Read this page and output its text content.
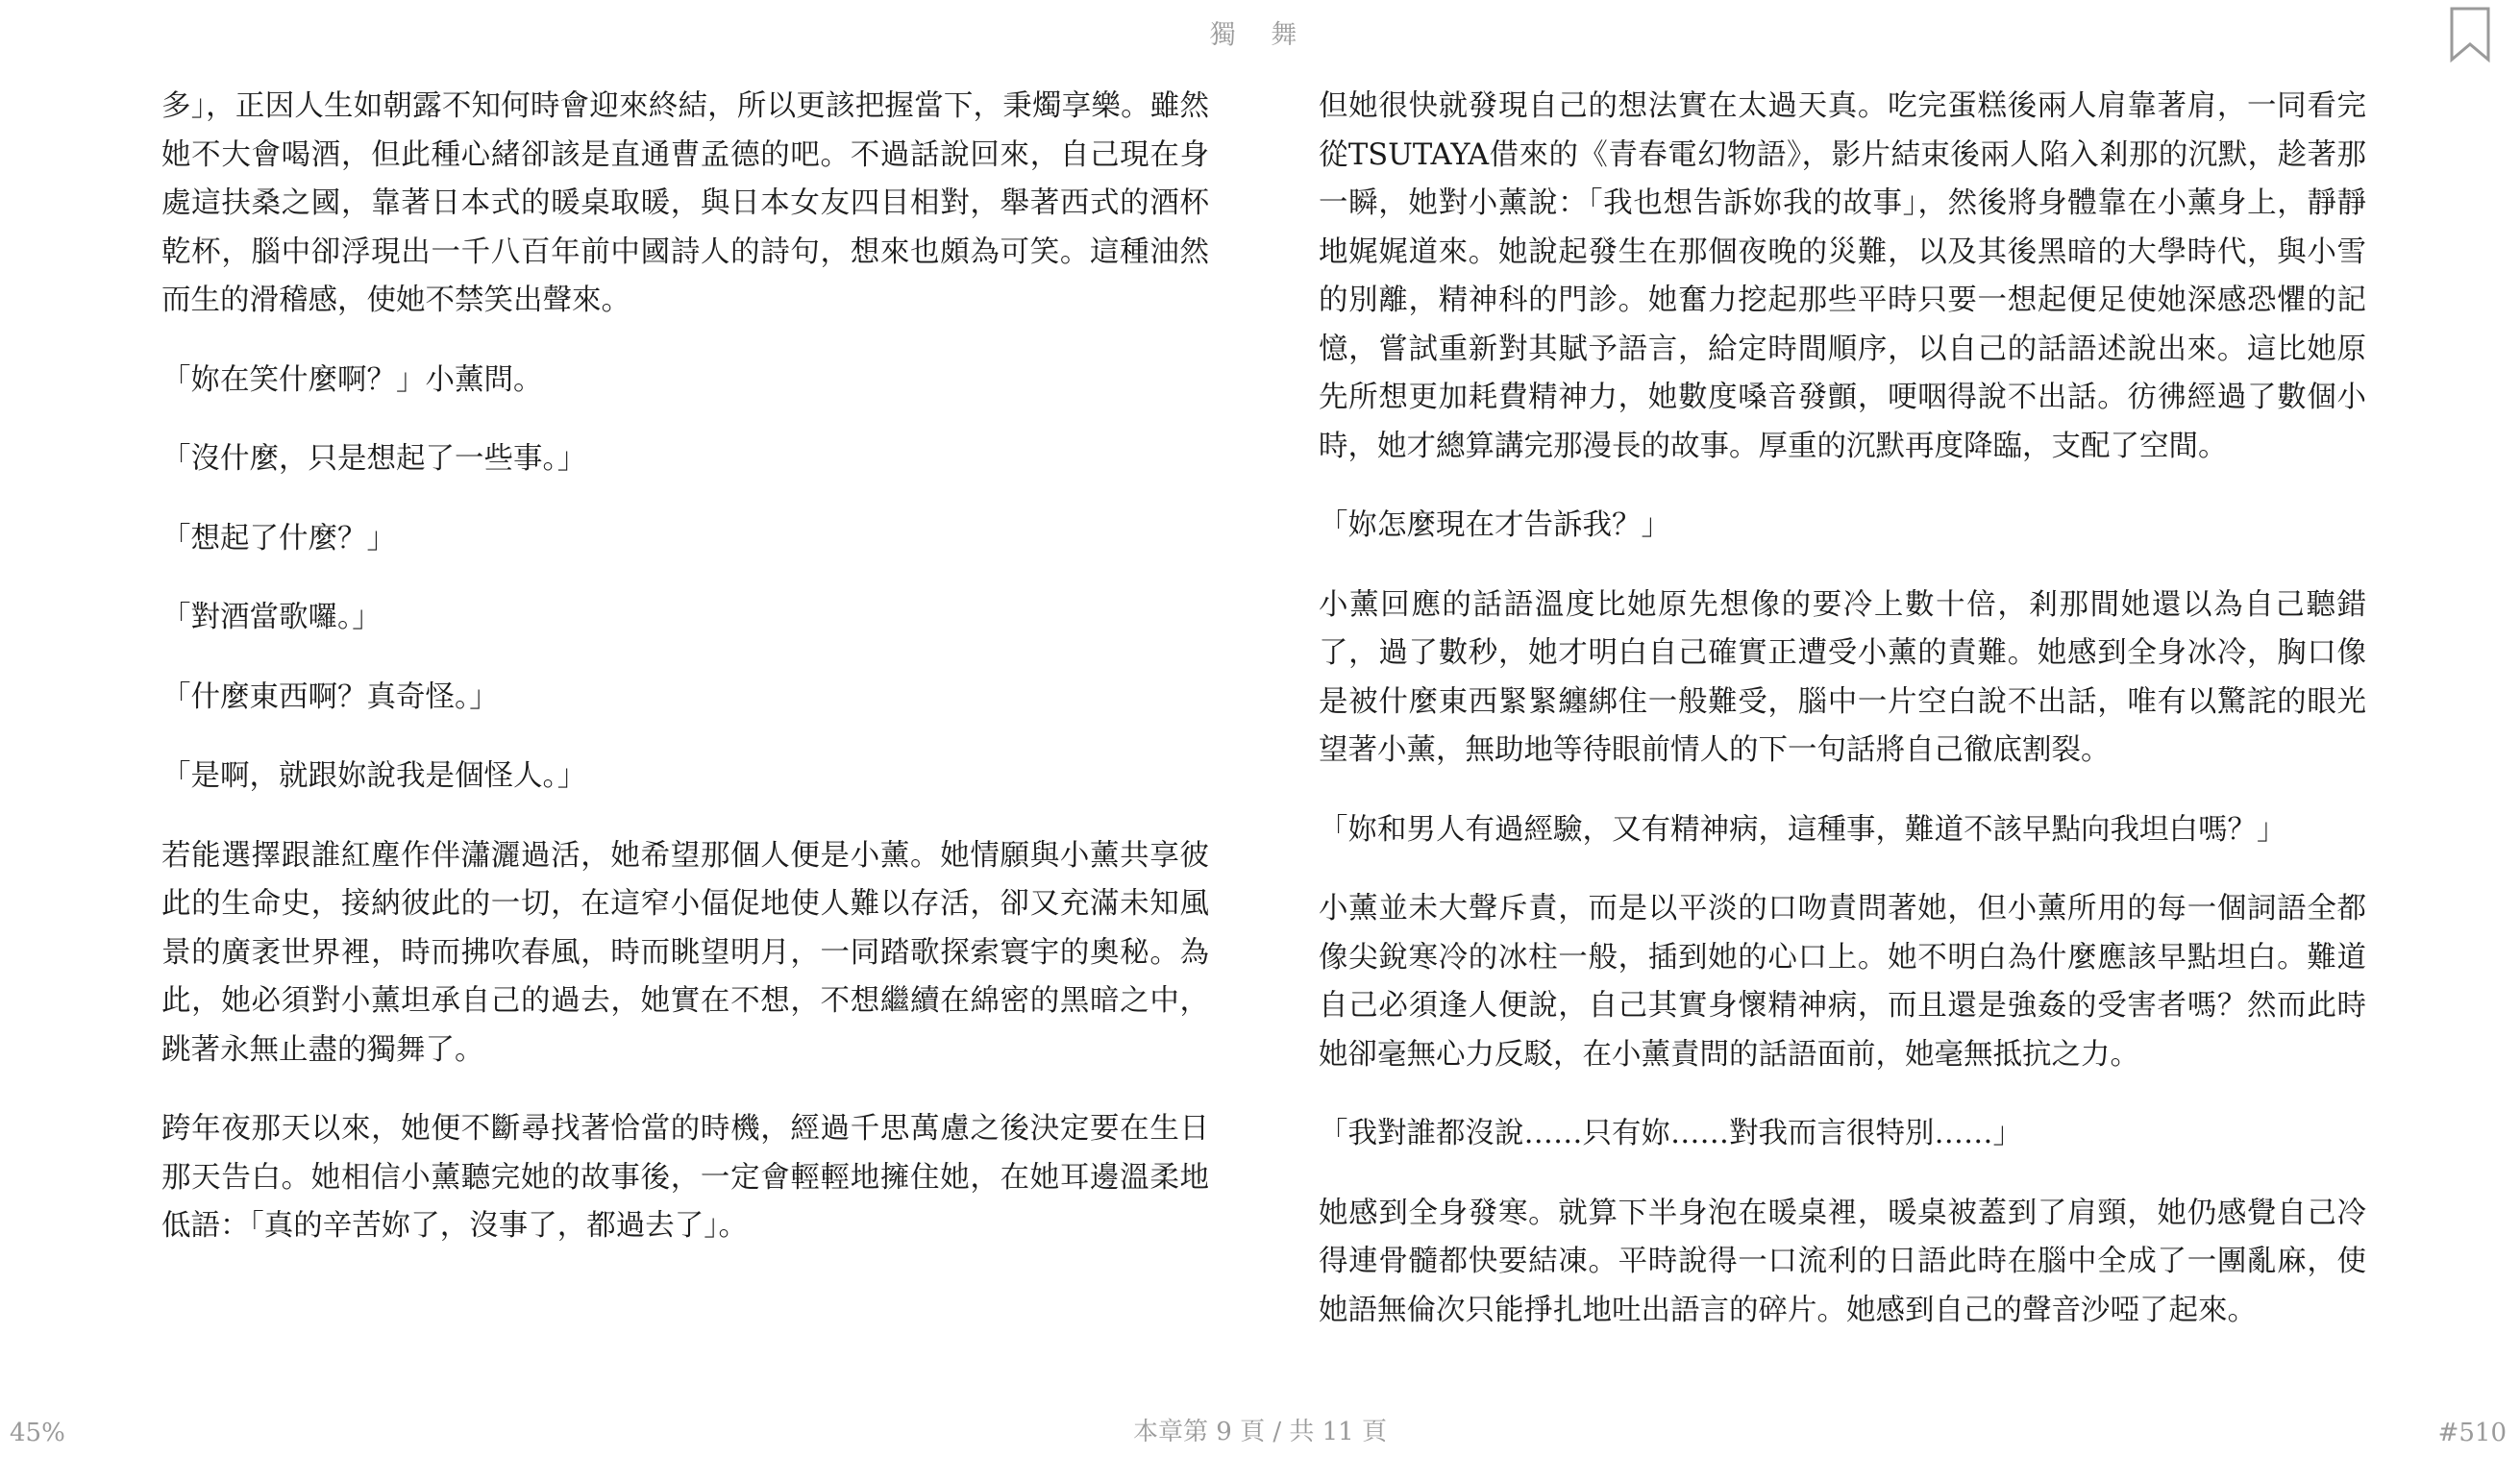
獨 舞

多」，正因人生如朝露不知何時會迎來終結，所以更該把握當下，秉燭享樂。雖然她不大會喝酒，但此種心緒卻該是直通曹孟德的吧。不過話說回來，自己現在身處這扶桑之國，靠著日本式的暖桌取暖，與日本女友四目相對，舉著西式的酒杯乾杯，腦中卻浮現出一千八百年前中國詩人的詩句，想來也頗為可笑。這種油然而生的滑稽感，使她不禁笑出聲來。

「妳在笑什麼啊？」小薰問。

「沒什麼，只是想起了一些事。」

「想起了什麼？」

「對酒當歌囉。」

「什麼東西啊？真奇怪。」

「是啊，就跟妳說我是個怪人。」

若能選擇跟誰紅塵作伴瀟灑過活，她希望那個人便是小薰。她情願與小薰共享彼此的生命史，接納彼此的一切，在這窄小偪促地使人難以存活，卻又充滿未知風景的廣袤世界裡，時而拂吹春風，時而眺望明月，一同踏歌探索寰宇的奧秘。為此，她必須對小薰坦承自己的過去，她實在不想，不想繼續在綿密的黑暗之中，跳著永無止盡的獨舞了。

跨年夜那天以來，她便不斷尋找著恰當的時機，經過千思萬慮之後決定要在生日那天告白。她相信小薰聽完她的故事後，一定會輕輕地擁住她，在她耳邊溫柔地低語：「真的辛苦妳了，沒事了，都過去了」。

但她很快就發現自己的想法實在太過天真。吃完蛋糕後兩人肩靠著肩，一同看完從TSUTAYA借來的《青春電幻物語》，影片結束後兩人陷入剎那的沉默，趁著那一瞬，她對小薰說：「我也想告訴妳我的故事」，然後將身體靠在小薰身上，靜靜地娓娓道來。她說起發生在那個夜晚的災難，以及其後黑暗的大學時代，與小雪的別離，精神科的門診。她奮力挖起那些平時只要一想起便足使她深感恐懼的記憶，嘗試重新對其賦予語言，給定時間順序，以自己的話語述說出來。這比她原先所想更加耗費精神力，她數度嗓音發顫，哽咽得說不出話。彷彿經過了數個小時，她才總算講完那漫長的故事。厚重的沉默再度降臨，支配了空間。

「妳怎麼現在才告訴我？」

小薰回應的話語溫度比她原先想像的要冷上數十倍，剎那間她還以為自己聽錯了，過了數秒，她才明白自己確實正遭受小薰的責難。她感到全身冰冷，胸口像是被什麼東西緊緊纏綁住一般難受，腦中一片空白說不出話，唯有以驚詫的眼光望著小薰，無助地等待眼前情人的下一句話將自己徹底割裂。

「妳和男人有過經驗，又有精神病，這種事，難道不該早點向我坦白嗎？」

小薰並未大聲斥責，而是以平淡的口吻責問著她，但小薰所用的每一個詞語全都像尖銳寒冷的冰柱一般，插到她的心口上。她不明白為什麼應該早點坦白。難道自己必須逢人便說，自己其實身懷精神病，而且還是強姦的受害者嗎？然而此時她卻毫無心力反駁，在小薰責問的話語面前，她毫無抵抗之力。

「我對誰都沒說……只有妳……對我而言很特別……」

她感到全身發寒。就算下半身泡在暖桌裡，暖桌被蓋到了肩頸，她仍感覺自己冷得連骨髓都快要結凍。平時說得一口流利的日語此時在腦中全成了一團亂麻，使她語無倫次只能掙扎地吐出語言的碎片。她感到自己的聲音沙啞了起來。

45%	本章第 9 頁 / 共 11 頁	#510
